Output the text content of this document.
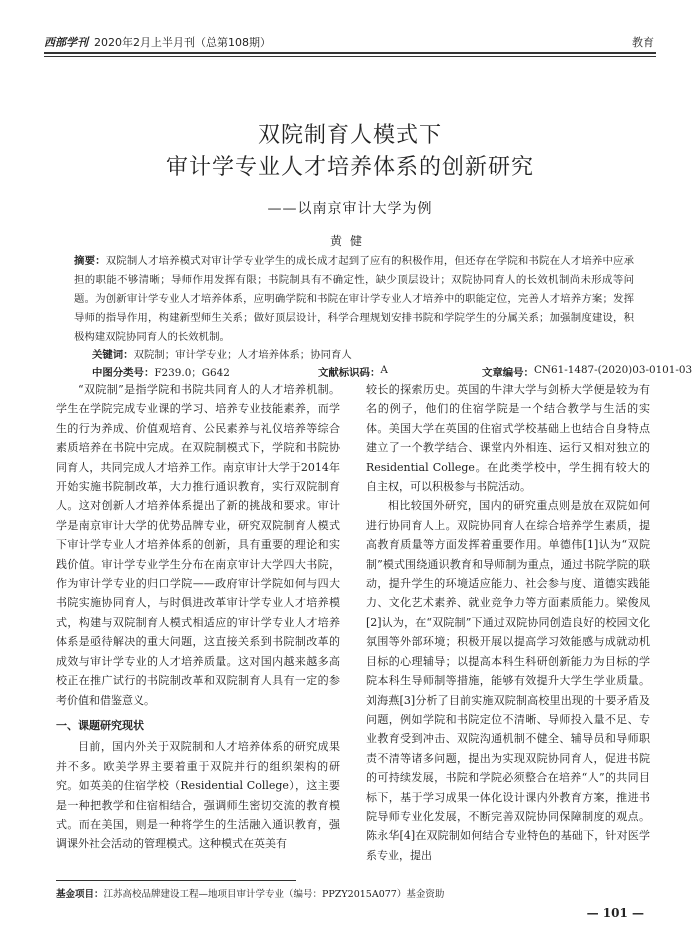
西部学刊 2020年2月上半月刊（总第108期）	教育
双院制育人模式下
审计学专业人才培养体系的创新研究
——以南京审计大学为例
黄健
摘要：双院制人才培养模式对审计学专业学生的成长成才起到了应有的积极作用，但还存在学院和书院在人才培养中应承担的职能不够清晰；导师作用发挥有限；书院制具有不确定性，缺少顶层设计；双院协同育人的长效机制尚未形成等问题。为创新审计学专业人才培养体系，应明确学院和书院在审计学专业人才培养中的职能定位，完善人才培养方案；发挥导师的指导作用，构建新型师生关系；做好顶层设计，科学合理规划安排书院和学院学生的分属关系；加强制度建设，积极构建双院协同育人的长效机制。
关键词：双院制；审计学专业；人才培养体系；协同育人
中图分类号： F239.0；G642	文献标识码： A	文章编号： CN61-1487-(2020)03-0101-03

“双院制”是指学院和书院共同育人的人才培养机制。学生在学院完成专业课的学习、培养专业技能素养，而学生的行为养成、价值观培育、公民素养与礼仪培养等综合素质培养在书院中完成。在双院制模式下，学院和书院协同育人，共同完成人才培养工作。南京审计大学于2014年开始实施书院制改革，大力推行通识教育，实行双院制育人。这对创新人才培养体系提出了新的挑战和要求。审计学是南京审计大学的优势品牌专业，研究双院制育人模式下审计学专业人才培养体系的创新，具有重要的理论和实践价值。审计学专业学生分布在南京审计大学四大书院，作为审计学专业的归口学院——政府审计学院如何与四大书院实施协同育人，与时俱进改革审计学专业人才培养模式，构建与双院制育人模式相适应的审计学专业人才培养体系是亟待解决的重大问题，这直接关系到书院制改革的成效与审计学专业的人才培养质量。这对国内越来越多高校正在推广试行的书院制改革和双院制育人具有一定的参考价值和借鉴意义。

一、课题研究现状

目前，国内外关于双院制和人才培养体系的研究成果并不多。欧美学界主要着重于双院并行的组织架构的研究。如英美的住宿学校（Residential College），这主要是一种把教学和住宿相结合，强调师生密切交流的教育模式。而在美国，则是一种将学生的生活融入通识教育，强调课外社会活动的管理模式。这种模式在英美有

较长的探索历史。英国的牛津大学与剑桥大学便是较为有名的例子，他们的住宿学院是一个结合教学与生活的实体。美国大学在英国的住宿式学校基础上也结合自身特点建立了一个教学结合、课堂内外相连、运行又相对独立的Residential College。在此类学校中，学生拥有较大的自主权，可以积极参与书院活动。

相比较国外研究，国内的研究重点则是放在双院如何进行协同育人上。双院协同育人在综合培养学生素质，提高教育质量等方面发挥着重要作用。单德伟[1]认为“双院制”模式围绕通识教育和导师制为重点，通过书院学院的联动，提升学生的环境适应能力、社会参与度、道德实践能力、文化艺术素养、就业竞争力等方面素质能力。梁俊凤[2]认为，在“双院制”下通过双院协同创造良好的校园文化氛围等外部环境；积极开展以提高学习效能感与成就动机目标的心理辅导；以提高本科生科研创新能力为目标的学院本科生导师制等措施，能够有效提升大学生学业质量。刘海燕[3]分析了目前实施双院制高校里出现的十要矛盾及问题，例如学院和书院定位不清晰、导师投入量不足、专业教育受到冲击、双院沟通机制不健全、辅导员和导师职责不清等诸多问题，提出为实现双院协同育人，促进书院的可持续发展，书院和学院必须整合在培养“人”的共同目标下，基于学习成果一体化设计课内外教育方案，推进书院导师专业化发展，不断完善双院协同保障制度的观点。陈永华[4]在双院制如何结合专业特色的基础下，针对医学系专业，提出

基金项目：江苏高校品牌建设工程—地项目审计学专业（编号：PPZY2015A077）基金资助
— 101 —
